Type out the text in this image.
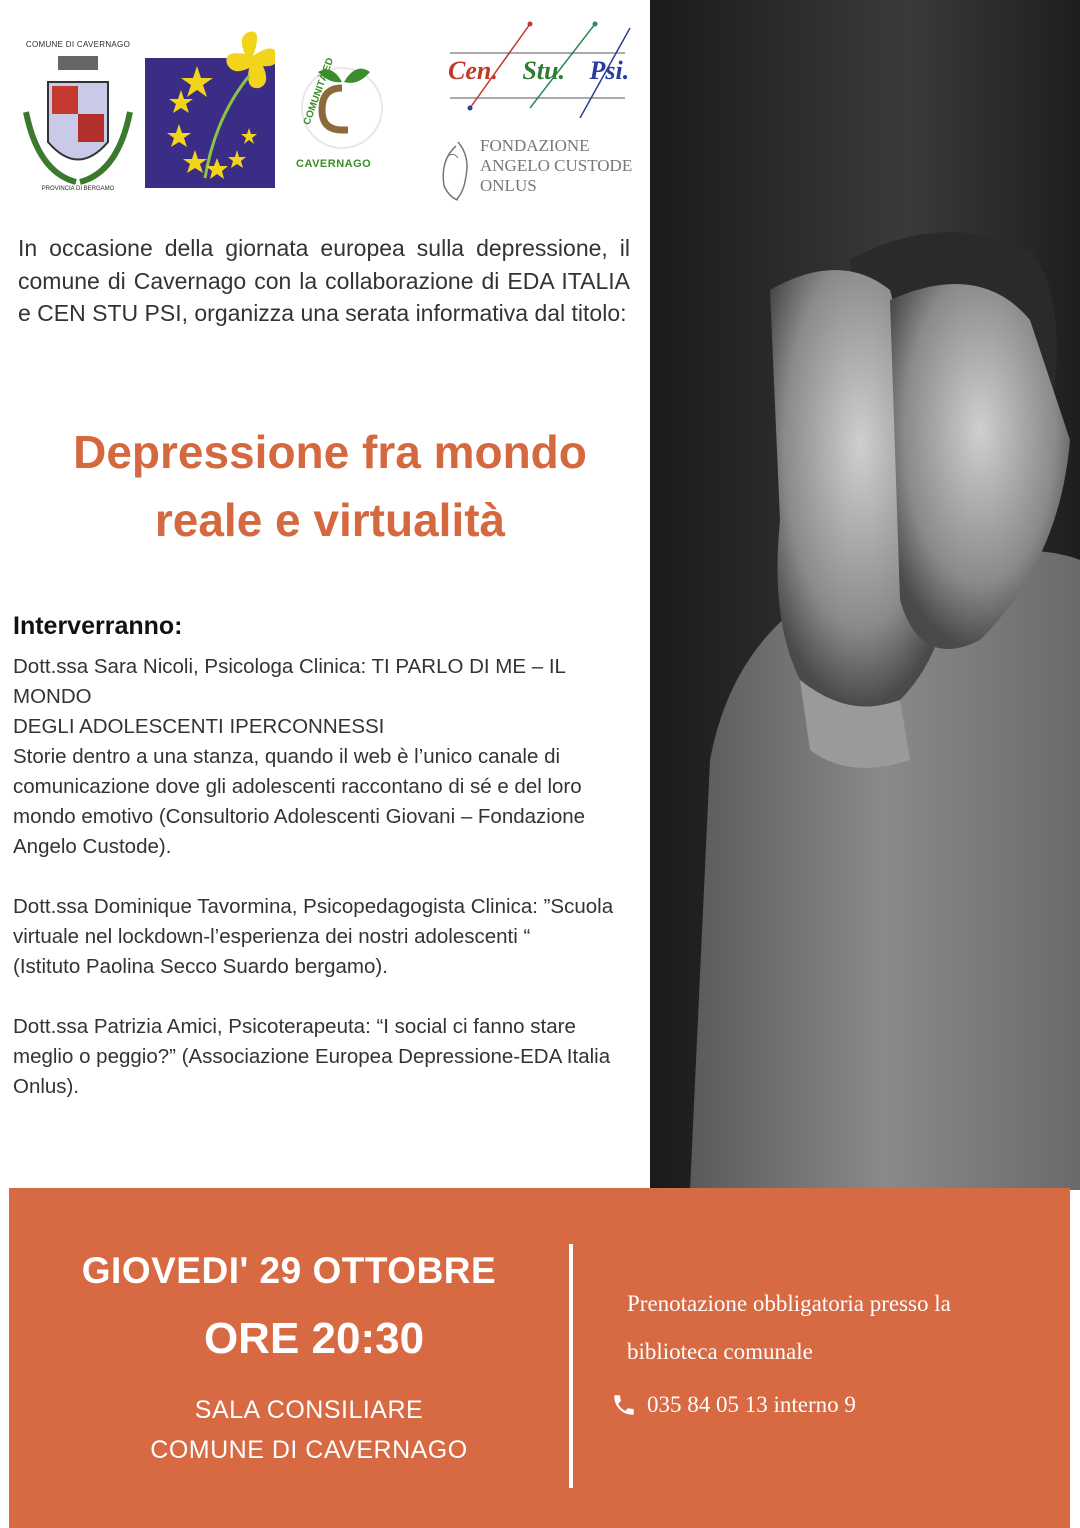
COMUNE DI CAVERNAGO
PROVINCIA DI BERGAMO
COMUNITÀ EDUCANTE
CAVERNAGO
Cen. Stu. Psi.
FONDAZIONE
ANGELO CUSTODE
ONLUS
In occasione della giornata europea sulla depressione, il comune di Cavernago con la collaborazione di EDA ITALIA e CEN STU PSI, organizza una serata informativa dal titolo:
Depressione fra mondo
reale e virtualità
Interverranno:

Dott.ssa Sara Nicoli, Psicologa Clinica: TI PARLO DI ME – IL
MONDO
DEGLI ADOLESCENTI IPERCONNESSI
Storie dentro a una stanza, quando il web è l’unico canale di comunicazione dove gli adolescenti raccontano di sé e del loro mondo emotivo (Consultorio Adolescenti Giovani – Fondazione Angelo Custode).

Dott.ssa Dominique Tavormina, Psicopedagogista Clinica: ”Scuola virtuale nel lockdown-l’esperienza dei nostri adolescenti “
(Istituto Paolina Secco Suardo bergamo).

Dott.ssa Patrizia Amici, Psicoterapeuta: “I social ci fanno stare meglio o peggio?” (Associazione Europea Depressione-EDA Italia Onlus).

GIOVEDI' 29 OTTOBRE
ORE 20:30
SALA CONSILIARE
COMUNE DI CAVERNAGO
Prenotazione obbligatoria presso la biblioteca comunale
035 84 05 13 interno 9
